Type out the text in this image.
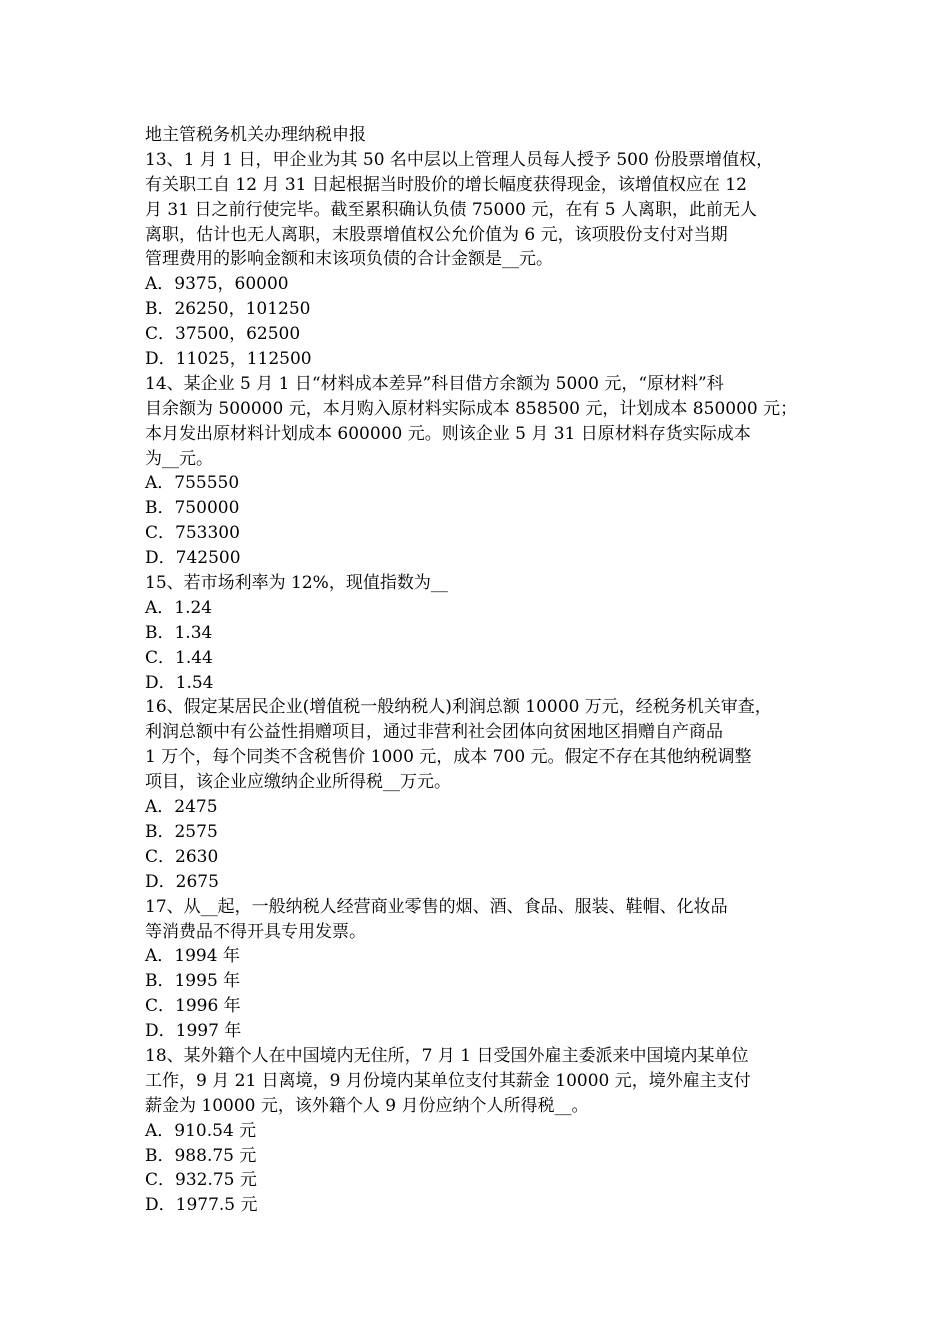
地主管税务机关办理纳税申报
13、1 月 1 日，甲企业为其 50 名中层以上管理人员每人授予 500 份股票增值权，
有关职工自 12 月 31 日起根据当时股价的增长幅度获得现金，该增值权应在 12
月 31 日之前行使完毕。截至累积确认负债 75000 元，在有 5 人离职，此前无人
离职，估计也无人离职，末股票增值权公允价值为 6 元，该项股份支付对当期
管理费用的影响金额和末该项负债的合计金额是__元。
A．9375，60000
B．26250，101250
C．37500，62500
D．11025，112500
14、某企业 5 月 1 日“材料成本差异”科目借方余额为 5000 元，“原材料”科
目余额为 500000 元，本月购入原材料实际成本 858500 元，计划成本 850000 元；
本月发出原材料计划成本 600000 元。则该企业 5 月 31 日原材料存货实际成本
为__元。
A．755550
B．750000
C．753300
D．742500
15、若市场利率为 12%，现值指数为__
A．1.24
B．1.34
C．1.44
D．1.54
16、假定某居民企业(增值税一般纳税人)利润总额 10000 万元，经税务机关审查，
利润总额中有公益性捐赠项目，通过非营利社会团体向贫困地区捐赠自产商品
1 万个，每个同类不含税售价 1000 元，成本 700 元。假定不存在其他纳税调整
项目，该企业应缴纳企业所得税__万元。
A．2475
B．2575
C．2630
D．2675
17、从__起，一般纳税人经营商业零售的烟、酒、食品、服装、鞋帽、化妆品
等消费品不得开具专用发票。
A．1994 年
B．1995 年
C．1996 年
D．1997 年
18、某外籍个人在中国境内无住所，7 月 1 日受国外雇主委派来中国境内某单位
工作，9 月 21 日离境，9 月份境内某单位支付其薪金 10000 元，境外雇主支付
薪金为 10000 元，该外籍个人 9 月份应纳个人所得税__。
A．910.54 元
B．988.75 元
C．932.75 元
D．1977.5 元
